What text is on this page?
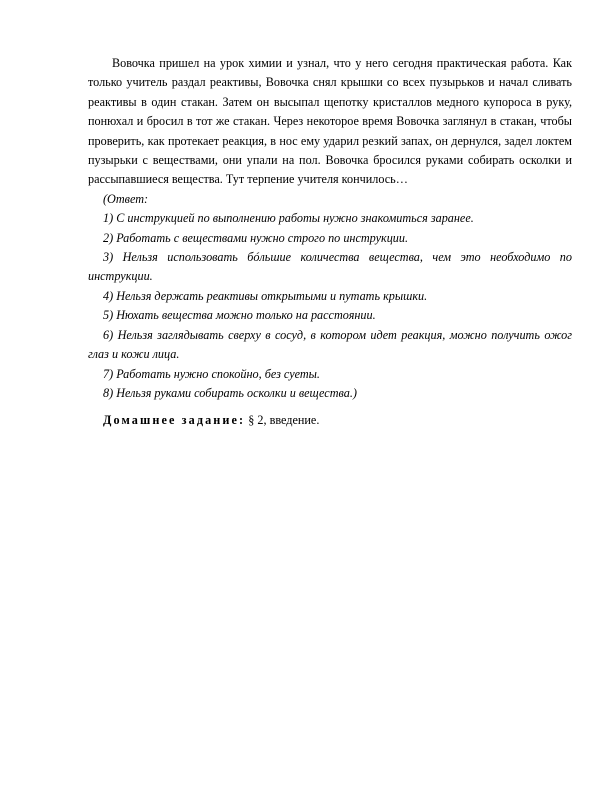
Вовочка пришел на урок химии и узнал, что у него сегодня практическая работа. Как только учитель раздал реактивы, Вовочка снял крышки со всех пузырьков и начал сливать реактивы в один стакан. Затем он высыпал щепотку кристаллов медного купороса в руку, понюхал и бросил в тот же стакан. Через некоторое время Вовочка заглянул в стакан, чтобы проверить, как протекает реакция, в нос ему ударил резкий запах, он дернулся, задел локтем пузырьки с веществами, они упали на пол. Вовочка бросился руками собирать осколки и рассыпавшиеся вещества. Тут терпение учителя кончилось…

(Ответ:

1) С инструкцией по выполнению работы нужно знакомиться заранее.

2) Работать с веществами нужно строго по инструкции.

3) Нельзя использовать бóльшие количества вещества, чем это необходимо по инструкции.

4) Нельзя держать реактивы открытыми и путать крышки.

5) Нюхать вещества можно только на расстоянии.

6) Нельзя заглядывать сверху в сосуд, в котором идет реакция, можно получить ожог глаз и кожи лица.

7) Работать нужно спокойно, без суеты.

8) Нельзя руками собирать осколки и вещества.)

Домашнее задание: § 2, введение.
